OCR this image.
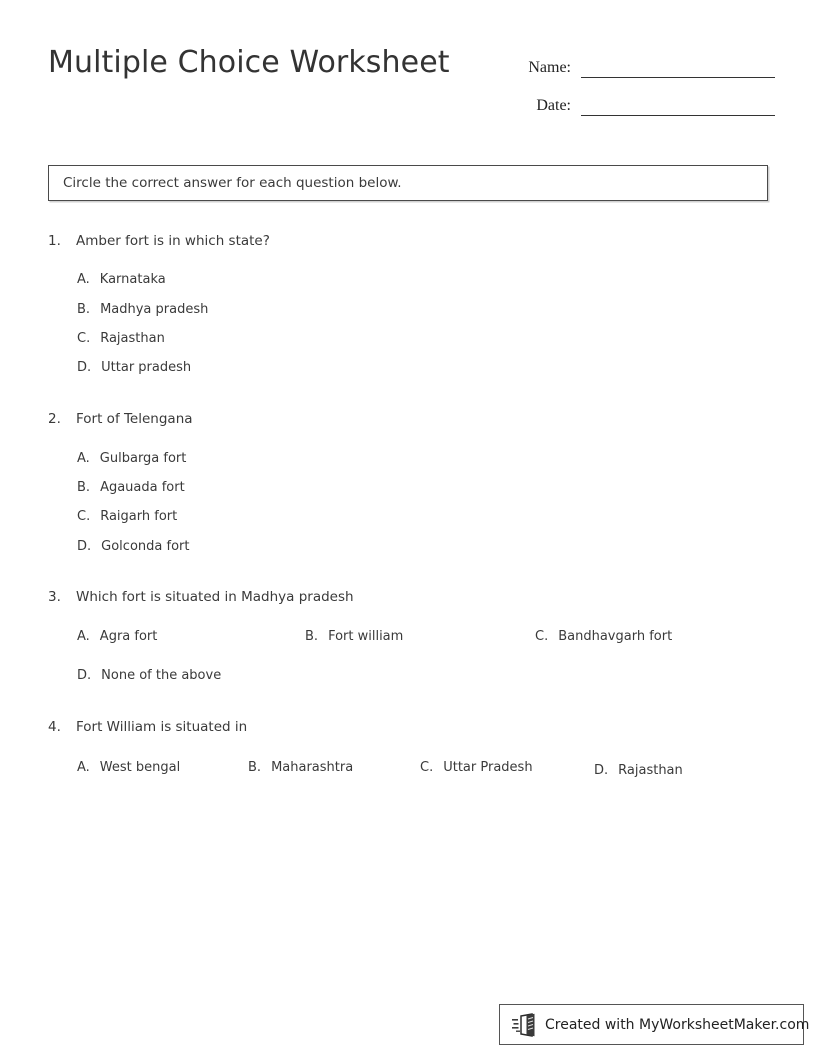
Multiple Choice Worksheet	Name:
Date:
Circle the correct answer for each question below.
1.	Amber fort is in which state?
A. Karnataka
B. Madhya pradesh
C. Rajasthan
D. Uttar pradesh
2.	Fort of Telengana
A. Gulbarga fort
B. Agauada fort
C. Raigarh fort
D. Golconda fort
3.	Which fort is situated in Madhya pradesh
A. Agra fort	B. Fort william	C. Bandhavgarh fort
D. None of the above
4.	Fort William is situated in
A. West bengal	B. Maharashtra	C. Uttar Pradesh	D. Rajasthan
Created with MyWorksheetMaker.com
